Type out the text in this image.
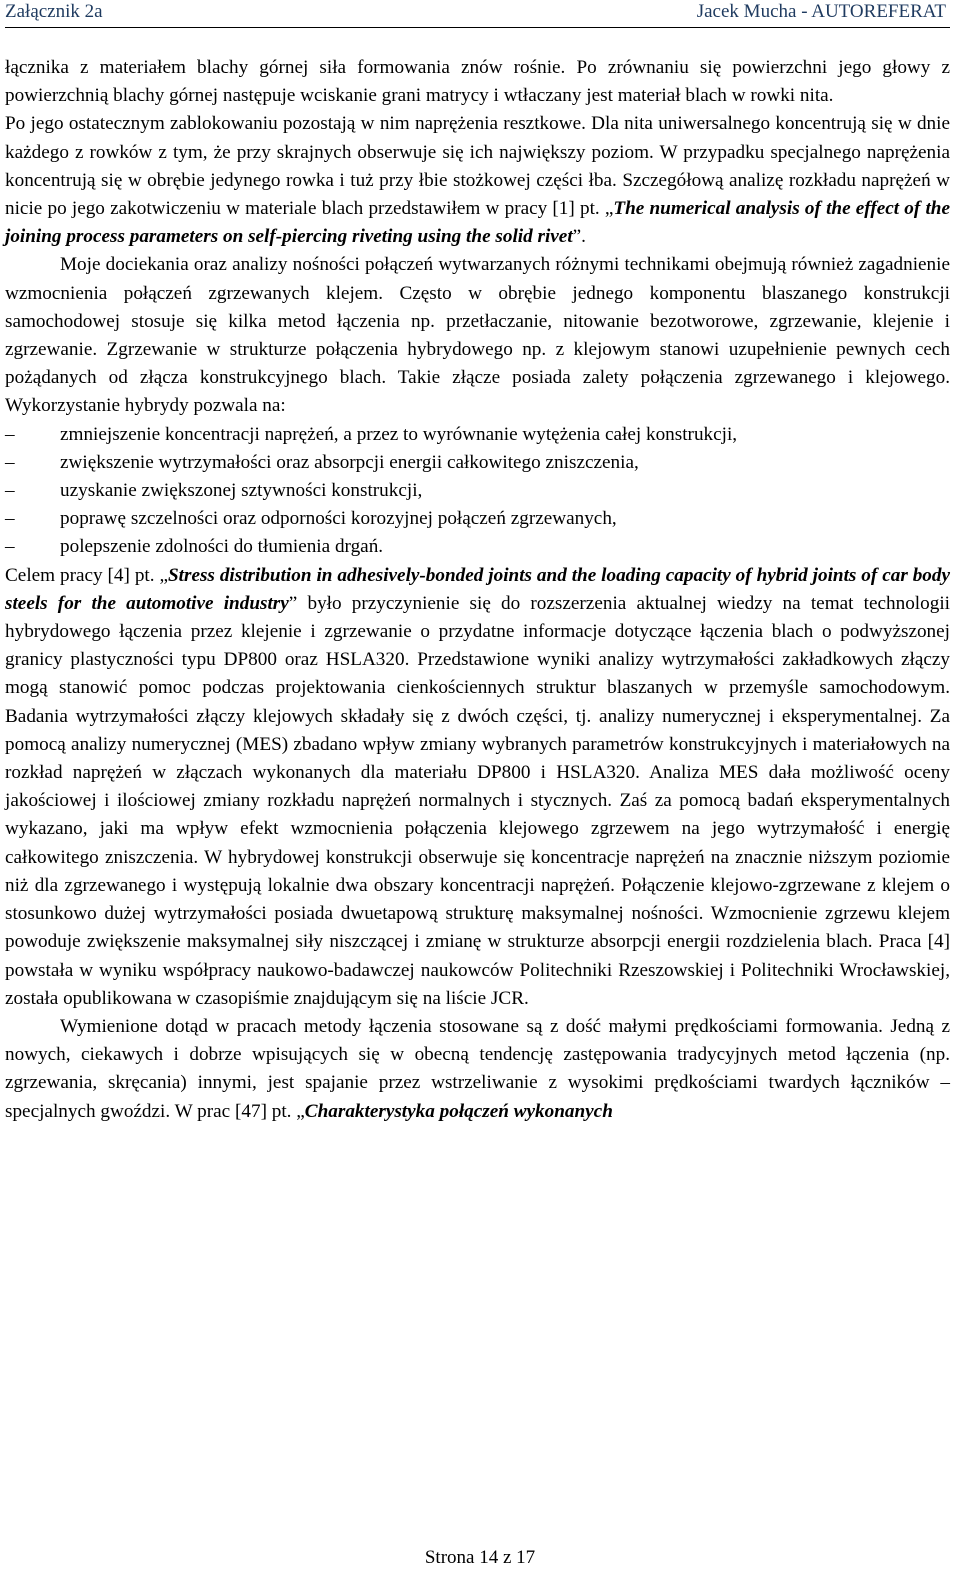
Załącznik 2a	Jacek Mucha - AUTOREFERAT

łącznika z materiałem blachy górnej siła formowania znów rośnie. Po zrównaniu się powierzchni jego głowy z powierzchnią blachy górnej następuje wciskanie grani matrycy i wtłaczany jest materiał blach w rowki nita.

Po jego ostatecznym zablokowaniu pozostają w nim naprężenia resztkowe. Dla nita uniwersalnego koncentrują się w dnie każdego z rowków z tym, że przy skrajnych obserwuje się ich największy poziom. W przypadku specjalnego naprężenia koncentrują się w obrębie jedynego rowka i tuż przy łbie stożkowej części łba. Szczegółową analizę rozkładu naprężeń w nicie po jego zakotwiczeniu w materiale blach przedstawiłem w pracy [1] pt. „The numerical analysis of the effect of the joining process parameters on self-piercing riveting using the solid rivet”.

Moje dociekania oraz analizy nośności połączeń wytwarzanych różnymi technikami obejmują również zagadnienie wzmocnienia połączeń zgrzewanych klejem. Często w obrębie jednego komponentu blaszanego konstrukcji samochodowej stosuje się kilka metod łączenia np. przetłaczanie, nitowanie bezotworowe, zgrzewanie, klejenie i zgrzewanie. Zgrzewanie w strukturze połączenia hybrydowego np. z klejowym stanowi uzupełnienie pewnych cech pożądanych od złącza konstrukcyjnego blach. Takie złącze posiada zalety połączenia zgrzewanego i klejowego. Wykorzystanie hybrydy pozwala na:

– zmniejszenie koncentracji naprężeń, a przez to wyrównanie wytężenia całej konstrukcji,
– zwiększenie wytrzymałości oraz absorpcji energii całkowitego zniszczenia,
– uzyskanie zwiększonej sztywności konstrukcji,
– poprawę szczelności oraz odporności korozyjnej połączeń zgrzewanych,
– polepszenie zdolności do tłumienia drgań.

Celem pracy [4] pt. „Stress distribution in adhesively-bonded joints and the loading capacity of hybrid joints of car body steels for the automotive industry” było przyczynienie się do rozszerzenia aktualnej wiedzy na temat technologii hybrydowego łączenia przez klejenie i zgrzewanie o przydatne informacje dotyczące łączenia blach o podwyższonej granicy plastyczności typu DP800 oraz HSLA320. Przedstawione wyniki analizy wytrzymałości zakładkowych złączy mogą stanowić pomoc podczas projektowania cienkościennych struktur blaszanych w przemyśle samochodowym. Badania wytrzymałości złączy klejowych składały się z dwóch części, tj. analizy numerycznej i eksperymentalnej. Za pomocą analizy numerycznej (MES) zbadano wpływ zmiany wybranych parametrów konstrukcyjnych i materiałowych na rozkład naprężeń w złączach wykonanych dla materiału DP800 i HSLA320. Analiza MES dała możliwość oceny jakościowej i ilościowej zmiany rozkładu naprężeń normalnych i stycznych. Zaś za pomocą badań eksperymentalnych wykazano, jaki ma wpływ efekt wzmocnienia połączenia klejowego zgrzewem na jego wytrzymałość i energię całkowitego zniszczenia. W hybrydowej konstrukcji obserwuje się koncentracje naprężeń na znacznie niższym poziomie niż dla zgrzewanego i występują lokalnie dwa obszary koncentracji naprężeń. Połączenie klejowo-zgrzewane z klejem o stosunkowo dużej wytrzymałości posiada dwuetapową strukturę maksymalnej nośności. Wzmocnienie zgrzewu klejem powoduje zwiększenie maksymalnej siły niszczącej i zmianę w strukturze absorpcji energii rozdzielenia blach. Praca [4] powstała w wyniku współpracy naukowo-badawczej naukowców Politechniki Rzeszowskiej i Politechniki Wrocławskiej, została opublikowana w czasopiśmie znajdującym się na liście JCR.

Wymienione dotąd w pracach metody łączenia stosowane są z dość małymi prędkościami formowania. Jedną z nowych, ciekawych i dobrze wpisujących się w obecną tendencję zastępowania tradycyjnych metod łączenia (np. zgrzewania, skręcania) innymi, jest spajanie przez wstrzeliwanie z wysokimi prędkościami twardych łączników – specjalnych gwoździ. W prac [47] pt. „Charakterystyka połączeń wykonanych

Strona 14 z 17
